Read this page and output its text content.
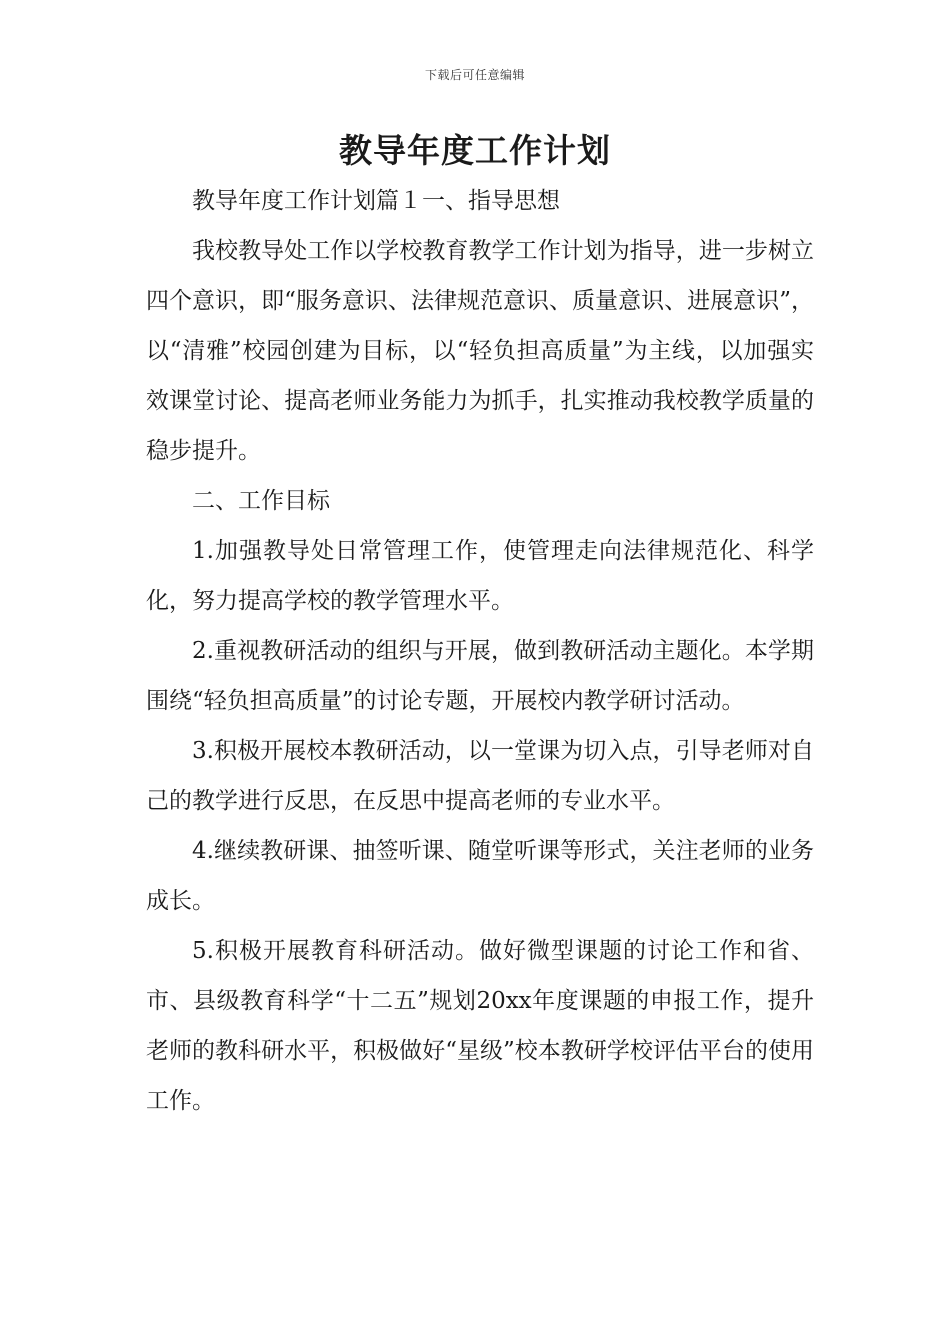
下载后可任意编辑
教导年度工作计划

教导年度工作计划篇１一、指导思想

我校教导处工作以学校教育教学工作计划为指导，进一步树立四个意识，即“服务意识、法律规范意识、质量意识、进展意识”，以“清雅”校园创建为目标，以“轻负担高质量”为主线，以加强实效课堂讨论、提高老师业务能力为抓手，扎实推动我校教学质量的稳步提升。

二、工作目标

1.加强教导处日常管理工作，使管理走向法律规范化、科学化，努力提高学校的教学管理水平。

2.重视教研活动的组织与开展，做到教研活动主题化。本学期围绕“轻负担高质量”的讨论专题，开展校内教学研讨活动。

3.积极开展校本教研活动，以一堂课为切入点，引导老师对自己的教学进行反思，在反思中提高老师的专业水平。

4.继续教研课、抽签听课、随堂听课等形式，关注老师的业务成长。

5.积极开展教育科研活动。做好微型课题的讨论工作和省、市、县级教育科学“十二五”规划20xx年度课题的申报工作，提升老师的教科研水平，积极做好“星级”校本教研学校评估平台的使用工作。
